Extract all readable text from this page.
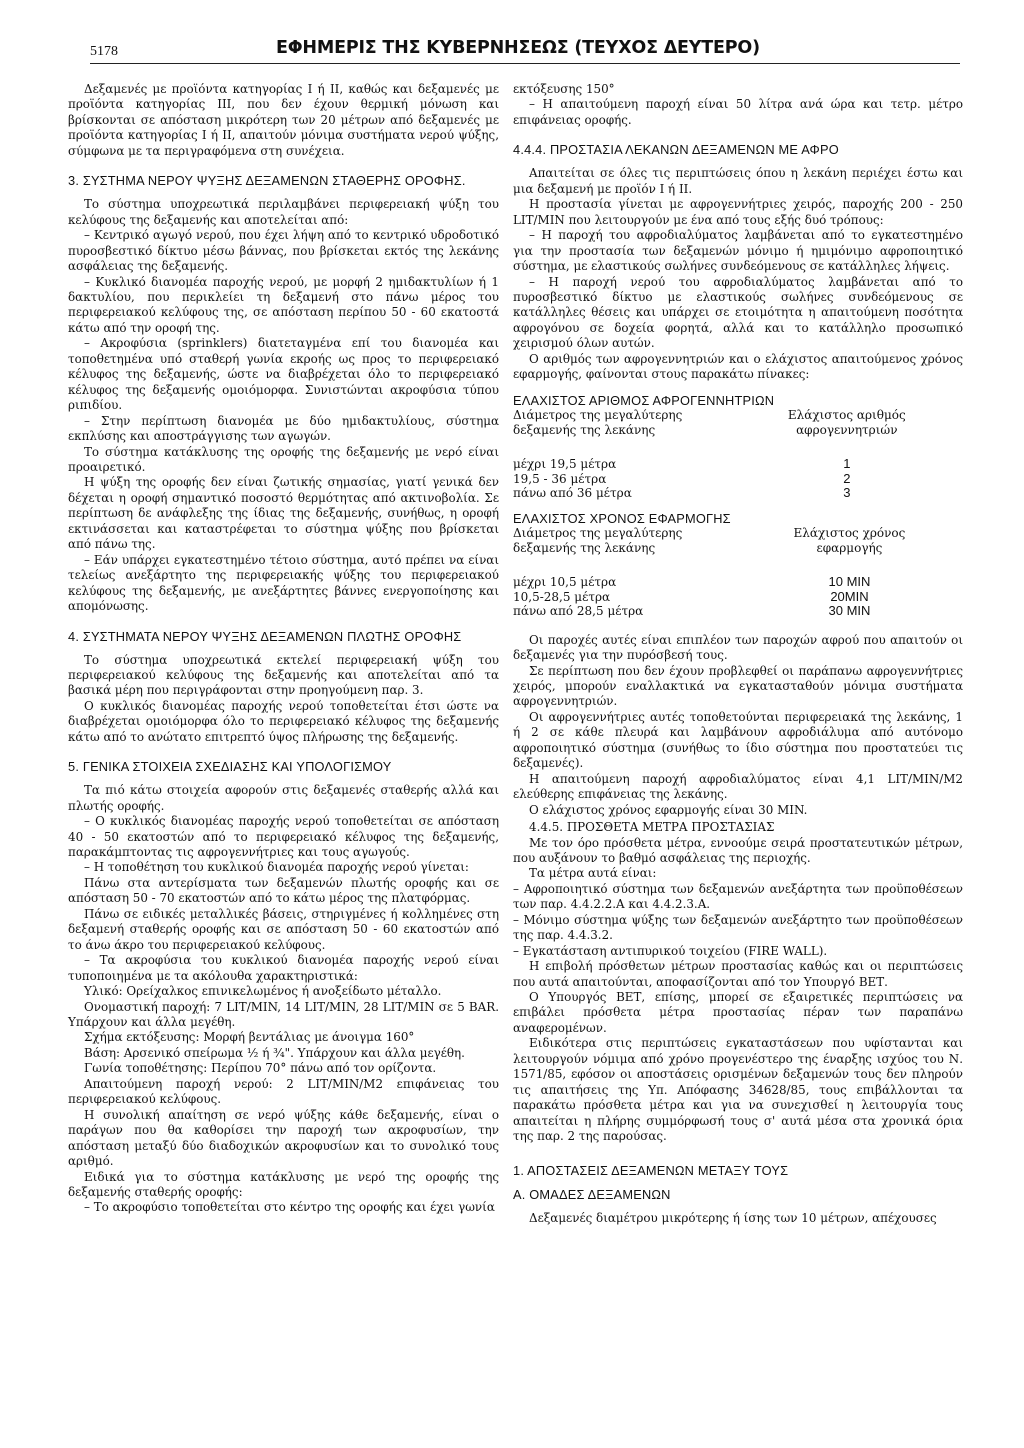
5178	ΕΦΗΜΕΡΙΣ ΤΗΣ ΚΥΒΕΡΝΗΣΕΩΣ (ΤΕΥΧΟΣ ΔΕΥΤΕΡΟ)

Δεξαμενές με προϊόντα κατηγορίας Ι ή ΙΙ, καθώς και δεξαμενές με προϊόντα κατηγορίας ΙΙΙ, που δεν έχουν θερμική μόνωση και βρίσκονται σε απόσταση μικρότερη των 20 μέτρων από δεξαμενές με προϊόντα κατηγορίας Ι ή ΙΙ, απαιτούν μόνιμα συστήματα νερού ψύξης, σύμφωνα με τα περιγραφόμενα στη συνέχεια.

3. ΣΥΣΤΗΜΑ ΝΕΡΟΥ ΨΥΞΗΣ ΔΕΞΑΜΕΝΩΝ ΣΤΑΘΕΡΗΣ ΟΡΟΦΗΣ.

Το σύστημα υποχρεωτικά περιλαμβάνει περιφερειακή ψύξη του κελύφους της δεξαμενής και αποτελείται από:

– Κεντρικό αγωγό νερού, που έχει λήψη από το κεντρικό υδροδοτικό πυροσβεστικό δίκτυο μέσω βάννας, που βρίσκεται εκτός της λεκάνης ασφάλειας της δεξαμενής.

– Κυκλικό διανομέα παροχής νερού, με μορφή 2 ημιδακτυλίων ή 1 δακτυλίου, που περικλείει τη δεξαμενή στο πάνω μέρος του περιφερειακού κελύφους της, σε απόσταση περίπου 50 - 60 εκατοστά κάτω από την οροφή της.

– Ακροφύσια (sprinklers) διατεταγμένα επί του διανομέα και τοποθετημένα υπό σταθερή γωνία εκροής ως προς το περιφερειακό κέλυφος της δεξαμενής, ώστε να διαβρέχεται όλο το περιφερειακό κέλυφος της δεξαμενής ομοιόμορφα. Συνιστώνται ακροφύσια τύπου ριπιδίου.

– Στην περίπτωση διανομέα με δύο ημιδακτυλίους, σύστημα εκπλύσης και αποστράγγισης των αγωγών.

Το σύστημα κατάκλυσης της οροφής της δεξαμενής με νερό είναι προαιρετικό.

Η ψύξη της οροφής δεν είναι ζωτικής σημασίας, γιατί γενικά δεν δέχεται η οροφή σημαντικό ποσοστό θερμότητας από ακτινοβολία. Σε περίπτωση δε ανάφλεξης της ίδιας της δεξαμενής, συνήθως, η οροφή εκτινάσσεται και καταστρέφεται το σύστημα ψύξης που βρίσκεται από πάνω της.

– Εάν υπάρχει εγκατεστημένο τέτοιο σύστημα, αυτό πρέπει να είναι τελείως ανεξάρτητο της περιφερειακής ψύξης του περιφερειακού κελύφους της δεξαμενής, με ανεξάρτητες βάννες ενεργοποίησης και απομόνωσης.

4. ΣΥΣΤΗΜΑΤΑ ΝΕΡΟΥ ΨΥΞΗΣ ΔΕΞΑΜΕΝΩΝ ΠΛΩΤΗΣ ΟΡΟΦΗΣ

Το σύστημα υποχρεωτικά εκτελεί περιφερειακή ψύξη του περιφερειακού κελύφους της δεξαμενής και αποτελείται από τα βασικά μέρη που περιγράφονται στην προηγούμενη παρ. 3.

Ο κυκλικός διανομέας παροχής νερού τοποθετείται έτσι ώστε να διαβρέχεται ομοιόμορφα όλο το περιφερειακό κέλυφος της δεξαμενής κάτω από το ανώτατο επιτρεπτό ύψος πλήρωσης της δεξαμενής.

5. ΓΕΝΙΚΑ ΣΤΟΙΧΕΙΑ ΣΧΕΔΙΑΣΗΣ ΚΑΙ ΥΠΟΛΟΓΙΣΜΟΥ

Τα πιό κάτω στοιχεία αφορούν στις δεξαμενές σταθερής αλλά και πλωτής οροφής.

– Ο κυκλικός διανομέας παροχής νερού τοποθετείται σε απόσταση 40 - 50 εκατοστών από το περιφερειακό κέλυφος της δεξαμενής, παρακάμπτοντας τις αφρογεννήτριες και τους αγωγούς.

– Η τοποθέτηση του κυκλικού διανομέα παροχής νερού γίνεται:

Πάνω στα αντερίσματα των δεξαμενών πλωτής οροφής και σε απόσταση 50 - 70 εκατοστών από το κάτω μέρος της πλατφόρμας.

Πάνω σε ειδικές μεταλλικές βάσεις, στηριγμένες ή κολλημένες στη δεξαμενή σταθερής οροφής και σε απόσταση 50 - 60 εκατοστών από το άνω άκρο του περιφερειακού κελύφους.

– Τα ακροφύσια του κυκλικού διανομέα παροχής νερού είναι τυποποιημένα με τα ακόλουθα χαρακτηριστικά:

Υλικό: Ορείχαλκος επινικελωμένος ή ανοξείδωτο μέταλλο.

Ονομαστική παροχή: 7 LIT/MIN, 14 LIT/MIN, 28 LIT/MIN σε 5 BAR. Υπάρχουν και άλλα μεγέθη.

Σχήμα εκτόξευσης: Μορφή βεντάλιας με άνοιγμα 160°

Βάση: Αρσενικό σπείρωμα ½ ή ¾". Υπάρχουν και άλλα μεγέθη.

Γωνία τοποθέτησης: Περίπου 70° πάνω από τον ορίζοντα.

Απαιτούμενη παροχή νερού: 2 LIT/MIN/M2 επιφάνειας του περιφερειακού κελύφους.

Η συνολική απαίτηση σε νερό ψύξης κάθε δεξαμενής, είναι ο παράγων που θα καθορίσει την παροχή των ακροφυσίων, την απόσταση μεταξύ δύο διαδοχικών ακροφυσίων και το συνολικό τους αριθμό.

Ειδικά για το σύστημα κατάκλυσης με νερό της οροφής της δεξαμενής σταθερής οροφής:

– Το ακροφύσιο τοποθετείται στο κέντρο της οροφής και έχει γωνία

εκτόξευσης 150°

– Η απαιτούμενη παροχή είναι 50 λίτρα ανά ώρα και τετρ. μέτρο επιφάνειας οροφής.

4.4.4. ΠΡΟΣΤΑΣΙΑ ΛΕΚΑΝΩΝ ΔΕΞΑΜΕΝΩΝ ΜΕ ΑΦΡΟ

Απαιτείται σε όλες τις περιπτώσεις όπου η λεκάνη περιέχει έστω και μια δεξαμενή με προϊόν Ι ή ΙΙ.

Η προστασία γίνεται με αφρογεννήτριες χειρός, παροχής 200 - 250 LIT/MIN που λειτουργούν με ένα από τους εξής δυό τρόπους:

– Η παροχή του αφροδιαλύματος λαμβάνεται από το εγκατεστημένο για την προστασία των δεξαμενών μόνιμο ή ημιμόνιμο αφροποιητικό σύστημα, με ελαστικούς σωλήνες συνδεόμενους σε κατάλληλες λήψεις.

– Η παροχή νερού του αφροδιαλύματος λαμβάνεται από το πυροσβεστικό δίκτυο με ελαστικούς σωλήνες συνδεόμενους σε κατάλληλες θέσεις και υπάρχει σε ετοιμότητα η απαιτούμενη ποσότητα αφρογόνου σε δοχεία φορητά, αλλά και το κατάλληλο προσωπικό χειρισμού όλων αυτών.

Ο αριθμός των αφρογεννητριών και ο ελάχιστος απαιτούμενος χρόνος εφαρμογής, φαίνονται στους παρακάτω πίνακες:

ΕΛΑΧΙΣΤΟΣ ΑΡΙΘΜΟΣ ΑΦΡΟΓΕΝΝΗΤΡΙΩΝ

Διάμετρος της μεγαλύτερης	Ελάχιστος αριθμός
δεξαμενής της λεκάνης	αφρογεννητριών

μέχρι 19,5 μέτρα	1
19,5 - 36 μέτρα	2
πάνω από 36 μέτρα	3

ΕΛΑΧΙΣΤΟΣ ΧΡΟΝΟΣ ΕΦΑΡΜΟΓΗΣ

Διάμετρος της μεγαλύτερης	Ελάχιστος χρόνος
δεξαμενής της λεκάνης	εφαρμογής

μέχρι 10,5 μέτρα	10 MIN
10,5-28,5 μέτρα	20MIN
πάνω από 28,5 μέτρα	30 MIN

Οι παροχές αυτές είναι επιπλέον των παροχών αφρού που απαιτούν οι δεξαμενές για την πυρόσβεσή τους.

Σε περίπτωση που δεν έχουν προβλεφθεί οι παράπανω αφρογεννήτριες χειρός, μπορούν εναλλακτικά να εγκατασταθούν μόνιμα συστήματα αφρογεννητριών.

Οι αφρογεννήτριες αυτές τοποθετούνται περιφερειακά της λεκάνης, 1 ή 2 σε κάθε πλευρά και λαμβάνουν αφροδιάλυμα από αυτόνομο αφροποιητικό σύστημα (συνήθως το ίδιο σύστημα που προστατεύει τις δεξαμενές).

Η απαιτούμενη παροχή αφροδιαλύματος είναι 4,1 LIT/MIN/M2 ελεύθερης επιφάνειας της λεκάνης.

Ο ελάχιστος χρόνος εφαρμογής είναι 30 MIN.

4.4.5. ΠΡΟΣΘΕΤΑ ΜΕΤΡΑ ΠΡΟΣΤΑΣΙΑΣ

Με τον όρο πρόσθετα μέτρα, εννοούμε σειρά προστατευτικών μέτρων, που αυξάνουν το βαθμό ασφάλειας της περιοχής.

Τα μέτρα αυτά είναι:

– Αφροποιητικό σύστημα των δεξαμενών ανεξάρτητα των προϋποθέσεων των παρ. 4.4.2.2.Α και 4.4.2.3.Α.

– Μόνιμο σύστημα ψύξης των δεξαμενών ανεξάρτητο των προϋποθέσεων της παρ. 4.4.3.2.

– Εγκατάσταση αντιπυρικού τοιχείου (FIRE WALL).

Η επιβολή πρόσθετων μέτρων προστασίας καθώς και οι περιπτώσεις που αυτά απαιτούνται, αποφασίζονται από τον Υπουργό ΒΕΤ.

Ο Υπουργός ΒΕΤ, επίσης, μπορεί σε εξαιρετικές περιπτώσεις να επιβάλει πρόσθετα μέτρα προστασίας πέραν των παραπάνω αναφερομένων.

Ειδικότερα στις περιπτώσεις εγκαταστάσεων που υφίστανται και λειτουργούν νόμιμα από χρόνο προγενέστερο της έναρξης ισχύος του Ν. 1571/85, εφόσον οι αποστάσεις ορισμένων δεξαμενών τους δεν πληρούν τις απαιτήσεις της Υπ. Απόφασης 34628/85, τους επιβάλλονται τα παρακάτω πρόσθετα μέτρα και για να συνεχισθεί η λειτουργία τους απαιτείται η πλήρης συμμόρφωσή τους σ' αυτά μέσα στα χρονικά όρια της παρ. 2 της παρούσας.

1. ΑΠΟΣΤΑΣΕΙΣ ΔΕΞΑΜΕΝΩΝ ΜΕΤΑΞΥ ΤΟΥΣ

Α. ΟΜΑΔΕΣ ΔΕΞΑΜΕΝΩΝ

Δεξαμενές διαμέτρου μικρότερης ή ίσης των 10 μέτρων, απέχουσες
